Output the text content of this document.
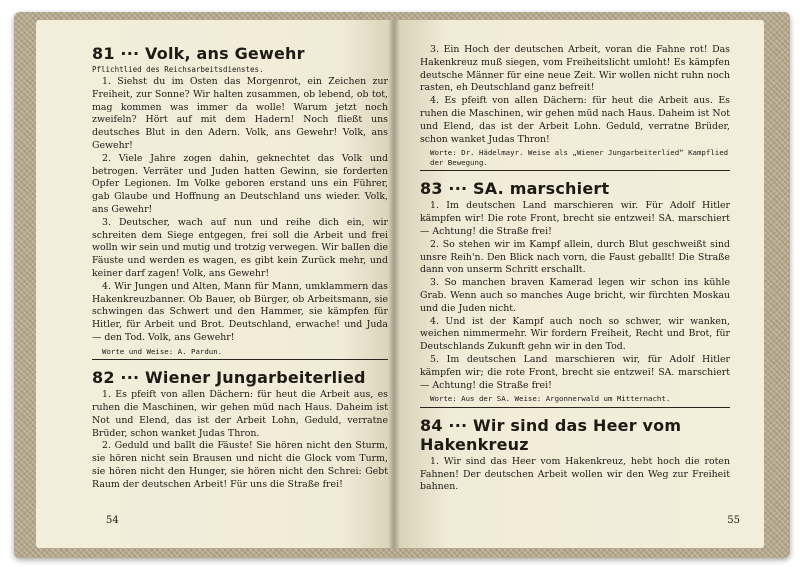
81 ··· Volk, ans Gewehr
Pflichtlied des Reichsarbeitsdienstes.

1. Siehst du im Osten das Morgenrot, ein Zeichen zur Freiheit, zur Sonne? Wir halten zusammen, ob lebend, ob tot, mag kommen was immer da wolle! Warum jetzt noch zweifeln? Hört auf mit dem Hadern! Noch fließt uns deutsches Blut in den Adern. Volk, ans Gewehr! Volk, ans Gewehr!

2. Viele Jahre zogen dahin, geknechtet das Volk und betrogen. Verräter und Juden hatten Gewinn, sie forderten Opfer Legionen. Im Volke geboren erstand uns ein Führer, gab Glaube und Hoffnung an Deutschland uns wieder. Volk, ans Gewehr!

3. Deutscher, wach auf nun und reihe dich ein, wir schreiten dem Siege entgegen, frei soll die Arbeit und frei wolln wir sein und mutig und trotzig verwegen. Wir ballen die Fäuste und werden es wagen, es gibt kein Zurück mehr, und keiner darf zagen! Volk, ans Gewehr!

4. Wir Jungen und Alten, Mann für Mann, umklammern das Hakenkreuzbanner. Ob Bauer, ob Bürger, ob Arbeitsmann, sie schwingen das Schwert und den Hammer, sie kämpfen für Hitler, für Arbeit und Brot. Deutschland, erwache! und Juda — den Tod. Volk, ans Gewehr!

Worte und Weise: A. Pardun.
82 ··· Wiener Jungarbeiterlied

1. Es pfeift von allen Dächern: für heut die Arbeit aus, es ruhen die Maschinen, wir gehen müd nach Haus. Daheim ist Not und Elend, das ist der Arbeit Lohn, Geduld, verratne Brüder, schon wanket Judas Thron.

2. Geduld und ballt die Fäuste! Sie hören nicht den Sturm, sie hören nicht sein Brausen und nicht die Glock vom Turm, sie hören nicht den Hunger, sie hören nicht den Schrei: Gebt Raum der deutschen Arbeit! Für uns die Straße frei!

54

3. Ein Hoch der deutschen Arbeit, voran die Fahne rot! Das Hakenkreuz muß siegen, vom Freiheitslicht umloht! Es kämpfen deutsche Männer für eine neue Zeit. Wir wollen nicht ruhn noch rasten, eh Deutschland ganz befreit!

4. Es pfeift von allen Dächern: für heut die Arbeit aus. Es ruhen die Maschinen, wir gehen müd nach Haus. Daheim ist Not und Elend, das ist der Arbeit Lohn. Geduld, verratne Brüder, schon wanket Judas Thron!

Worte: Dr. Hädelmayr. Weise als „Wiener Jungarbeiterlied“ Kampflied der Bewegung.
83 ··· SA. marschiert

1. Im deutschen Land marschieren wir. Für Adolf Hitler kämpfen wir! Die rote Front, brecht sie entzwei! SA. marschiert — Achtung! die Straße frei!

2. So stehen wir im Kampf allein, durch Blut geschweißt sind unsre Reih'n. Den Blick nach vorn, die Faust geballt! Die Straße dann von unserm Schritt erschallt.

3. So manchen braven Kamerad legen wir schon ins kühle Grab. Wenn auch so manches Auge bricht, wir fürchten Moskau und die Juden nicht.

4. Und ist der Kampf auch noch so schwer, wir wanken, weichen nimmermehr. Wir fordern Freiheit, Recht und Brot, für Deutschlands Zukunft gehn wir in den Tod.

5. Im deutschen Land marschieren wir, für Adolf Hitler kämpfen wir; die rote Front, brecht sie entzwei! SA. marschiert — Achtung! die Straße frei!

Worte: Aus der SA. Weise: Argonnerwald um Mitternacht.
84 ··· Wir sind das Heer vom Hakenkreuz

1. Wir sind das Heer vom Hakenkreuz, hebt hoch die roten Fahnen! Der deutschen Arbeit wollen wir den Weg zur Freiheit bahnen.

55
